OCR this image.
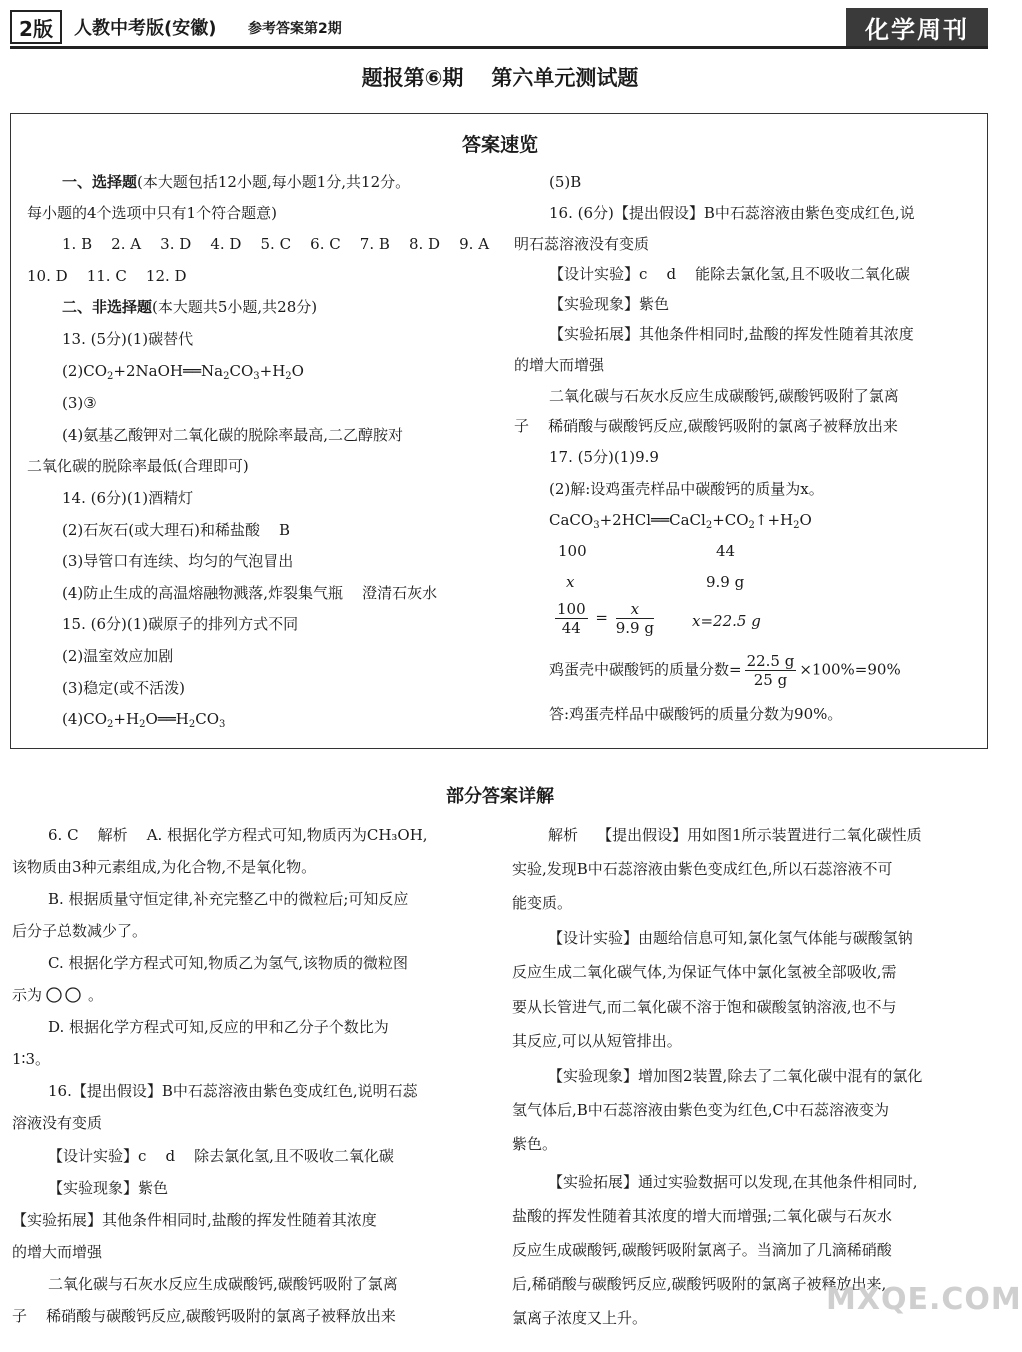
2版	人教中考版(安徽) 参考答案第2期	化学周刊
题报第⑥期 第六单元测试题
答案速览
一、选择题(本大题包括12小题,每小题1分,共12分。
每小题的4个选项中只有1个符合题意)
1. B    2. A    3. D    4. D    5. C    6. C    7. B    8. D    9. A
10. D    11. C    12. D
二、非选择题(本大题共5小题,共28分)
13. (5分)(1)碳替代
$(2)CO_2+2NaOH══Na_2CO_3+H_2O$
(3)③
(4)氨基乙酸钾对二氧化碳的脱除率最高,二乙醇胺对
二氧化碳的脱除率最低(合理即可)
14. (6分)(1)酒精灯
(2)石灰石(或大理石)和稀盐酸    B
(3)导管口有连续、均匀的气泡冒出
(4)防止生成的高温熔融物溅落,炸裂集气瓶    澄清石灰水
15. (6分)(1)碳原子的排列方式不同
(2)温室效应加剧
(3)稳定(或不活泼)
$(4)CO_2+H_2O══H_2CO_3$
(5)B
16. (6分)【提出假设】B中石蕊溶液由紫色变成红色,说
明石蕊溶液没有变质
【设计实验】c    d    能除去氯化氢,且不吸收二氧化碳
【实验现象】紫色
【实验拓展】其他条件相同时,盐酸的挥发性随着其浓度
的增大而增强
二氧化碳与石灰水反应生成碳酸钙,碳酸钙吸附了氯离
子    稀硝酸与碳酸钙反应,碳酸钙吸附的氯离子被释放出来
17. (5分)(1)9.9
(2)解:设鸡蛋壳样品中碳酸钙的质量为x。
$CaCO_3+2HCl══CaCl_2+CO_2↑+H_2O$
100	44
x	9.9 g
$\frac{100}{44} = \frac{x}{9.9 g}$	x=22.5 g
鸡蛋壳中碳酸钙的质量分数= $\frac{22.5 g}{25 g} \times 100\%=90\%$
答:鸡蛋壳样品中碳酸钙的质量分数为90%。
部分答案详解
6. C    解析    A. 根据化学方程式可知,物质丙为CH₃OH,
该物质由3种元素组成,为化合物,不是氧化物。
B. 根据质量守恒定律,补充完整乙中的微粒后;可知反应
后分子总数减少了。
C. 根据化学方程式可知,物质乙为氢气,该物质的微粒图
示为	。
D. 根据化学方程式可知,反应的甲和乙分子个数比为
1∶3。
16.【提出假设】B中石蕊溶液由紫色变成红色,说明石蕊
溶液没有变质
【设计实验】c    d    除去氯化氢,且不吸收二氧化碳
【实验现象】紫色
【实验拓展】其他条件相同时,盐酸的挥发性随着其浓度
的增大而增强
二氧化碳与石灰水反应生成碳酸钙,碳酸钙吸附了氯离
子    稀硝酸与碳酸钙反应,碳酸钙吸附的氯离子被释放出来
解析    【提出假设】用如图1所示装置进行二氧化碳性质
实验,发现B中石蕊溶液由紫色变成红色,所以石蕊溶液不可
能变质。
【设计实验】由题给信息可知,氯化氢气体能与碳酸氢钠
反应生成二氧化碳气体,为保证气体中氯化氢被全部吸收,需
要从长管进气,而二氧化碳不溶于饱和碳酸氢钠溶液,也不与
其反应,可以从短管排出。
【实验现象】增加图2装置,除去了二氧化碳中混有的氯化
氢气体后,B中石蕊溶液由紫色变为红色,C中石蕊溶液变为
紫色。
【实验拓展】通过实验数据可以发现,在其他条件相同时,
盐酸的挥发性随着其浓度的增大而增强;二氧化碳与石灰水
反应生成碳酸钙,碳酸钙吸附氯离子。当滴加了几滴稀硝酸
后,稀硝酸与碳酸钙反应,碳酸钙吸附的氯离子被释放出来,
氯离子浓度又上升。
MXQE.COM
